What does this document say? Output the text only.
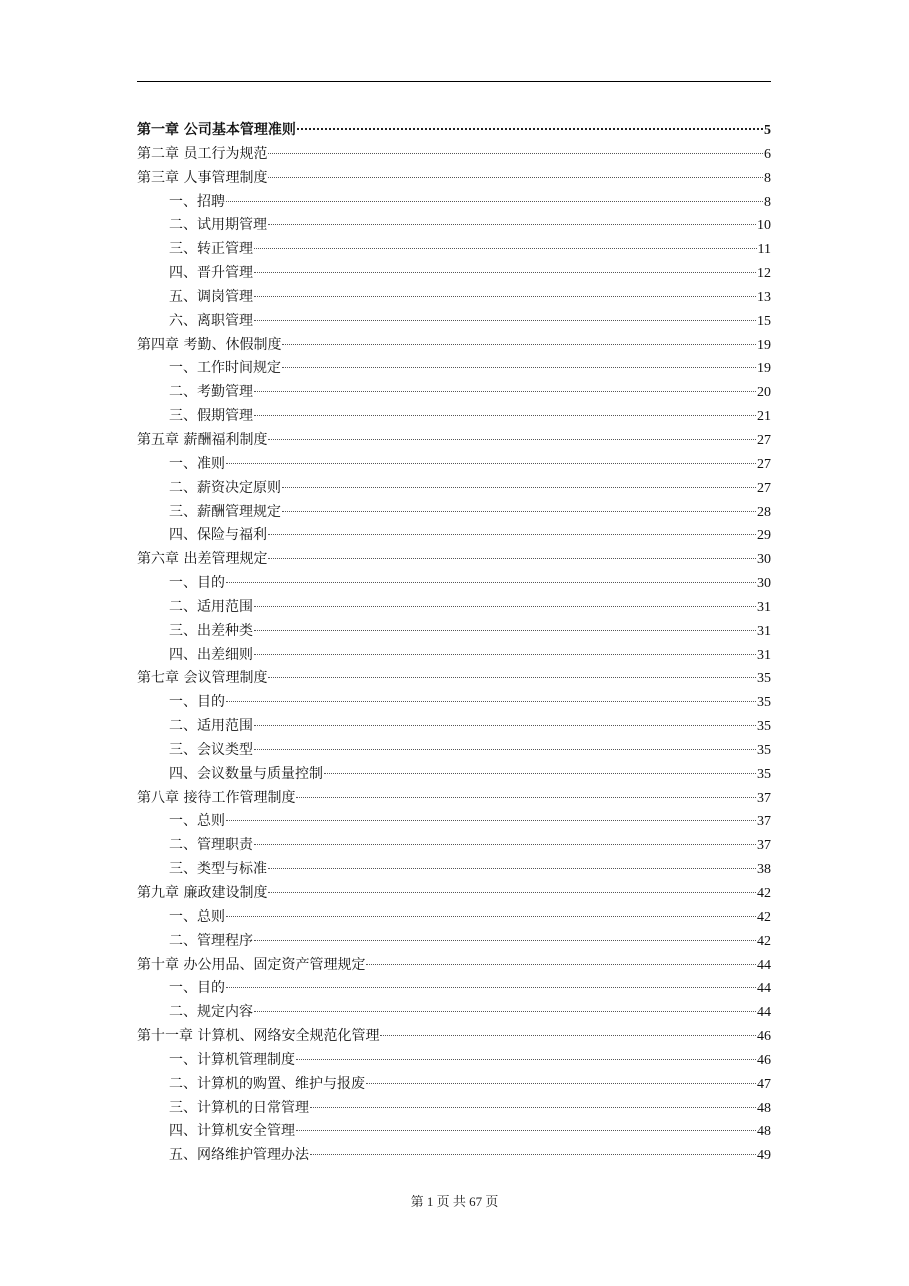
第一章 公司基本管理准则	5
第二章 员工行为规范	6
第三章 人事管理制度	8
一、招聘	8
二、试用期管理	10
三、转正管理	11
四、晋升管理	12
五、调岗管理	13
六、离职管理	15
第四章 考勤、休假制度	19
一、工作时间规定	19
二、考勤管理	20
三、假期管理	21
第五章 薪酬福利制度	27
一、准则	27
二、薪资决定原则	27
三、薪酬管理规定	28
四、保险与福利	29
第六章 出差管理规定	30
一、目的	30
二、适用范围	31
三、出差种类	31
四、出差细则	31
第七章 会议管理制度	35
一、目的	35
二、适用范围	35
三、会议类型	35
四、会议数量与质量控制	35
第八章 接待工作管理制度	37
一、总则	37
二、管理职责	37
三、类型与标准	38
第九章 廉政建设制度	42
一、总则	42
二、管理程序	42
第十章 办公用品、固定资产管理规定	44
一、目的	44
二、规定内容	44
第十一章 计算机、网络安全规范化管理	46
一、计算机管理制度	46
二、计算机的购置、维护与报废	47
三、计算机的日常管理	48
四、计算机安全管理	48
五、网络维护管理办法	49
第 1 页 共 67 页
